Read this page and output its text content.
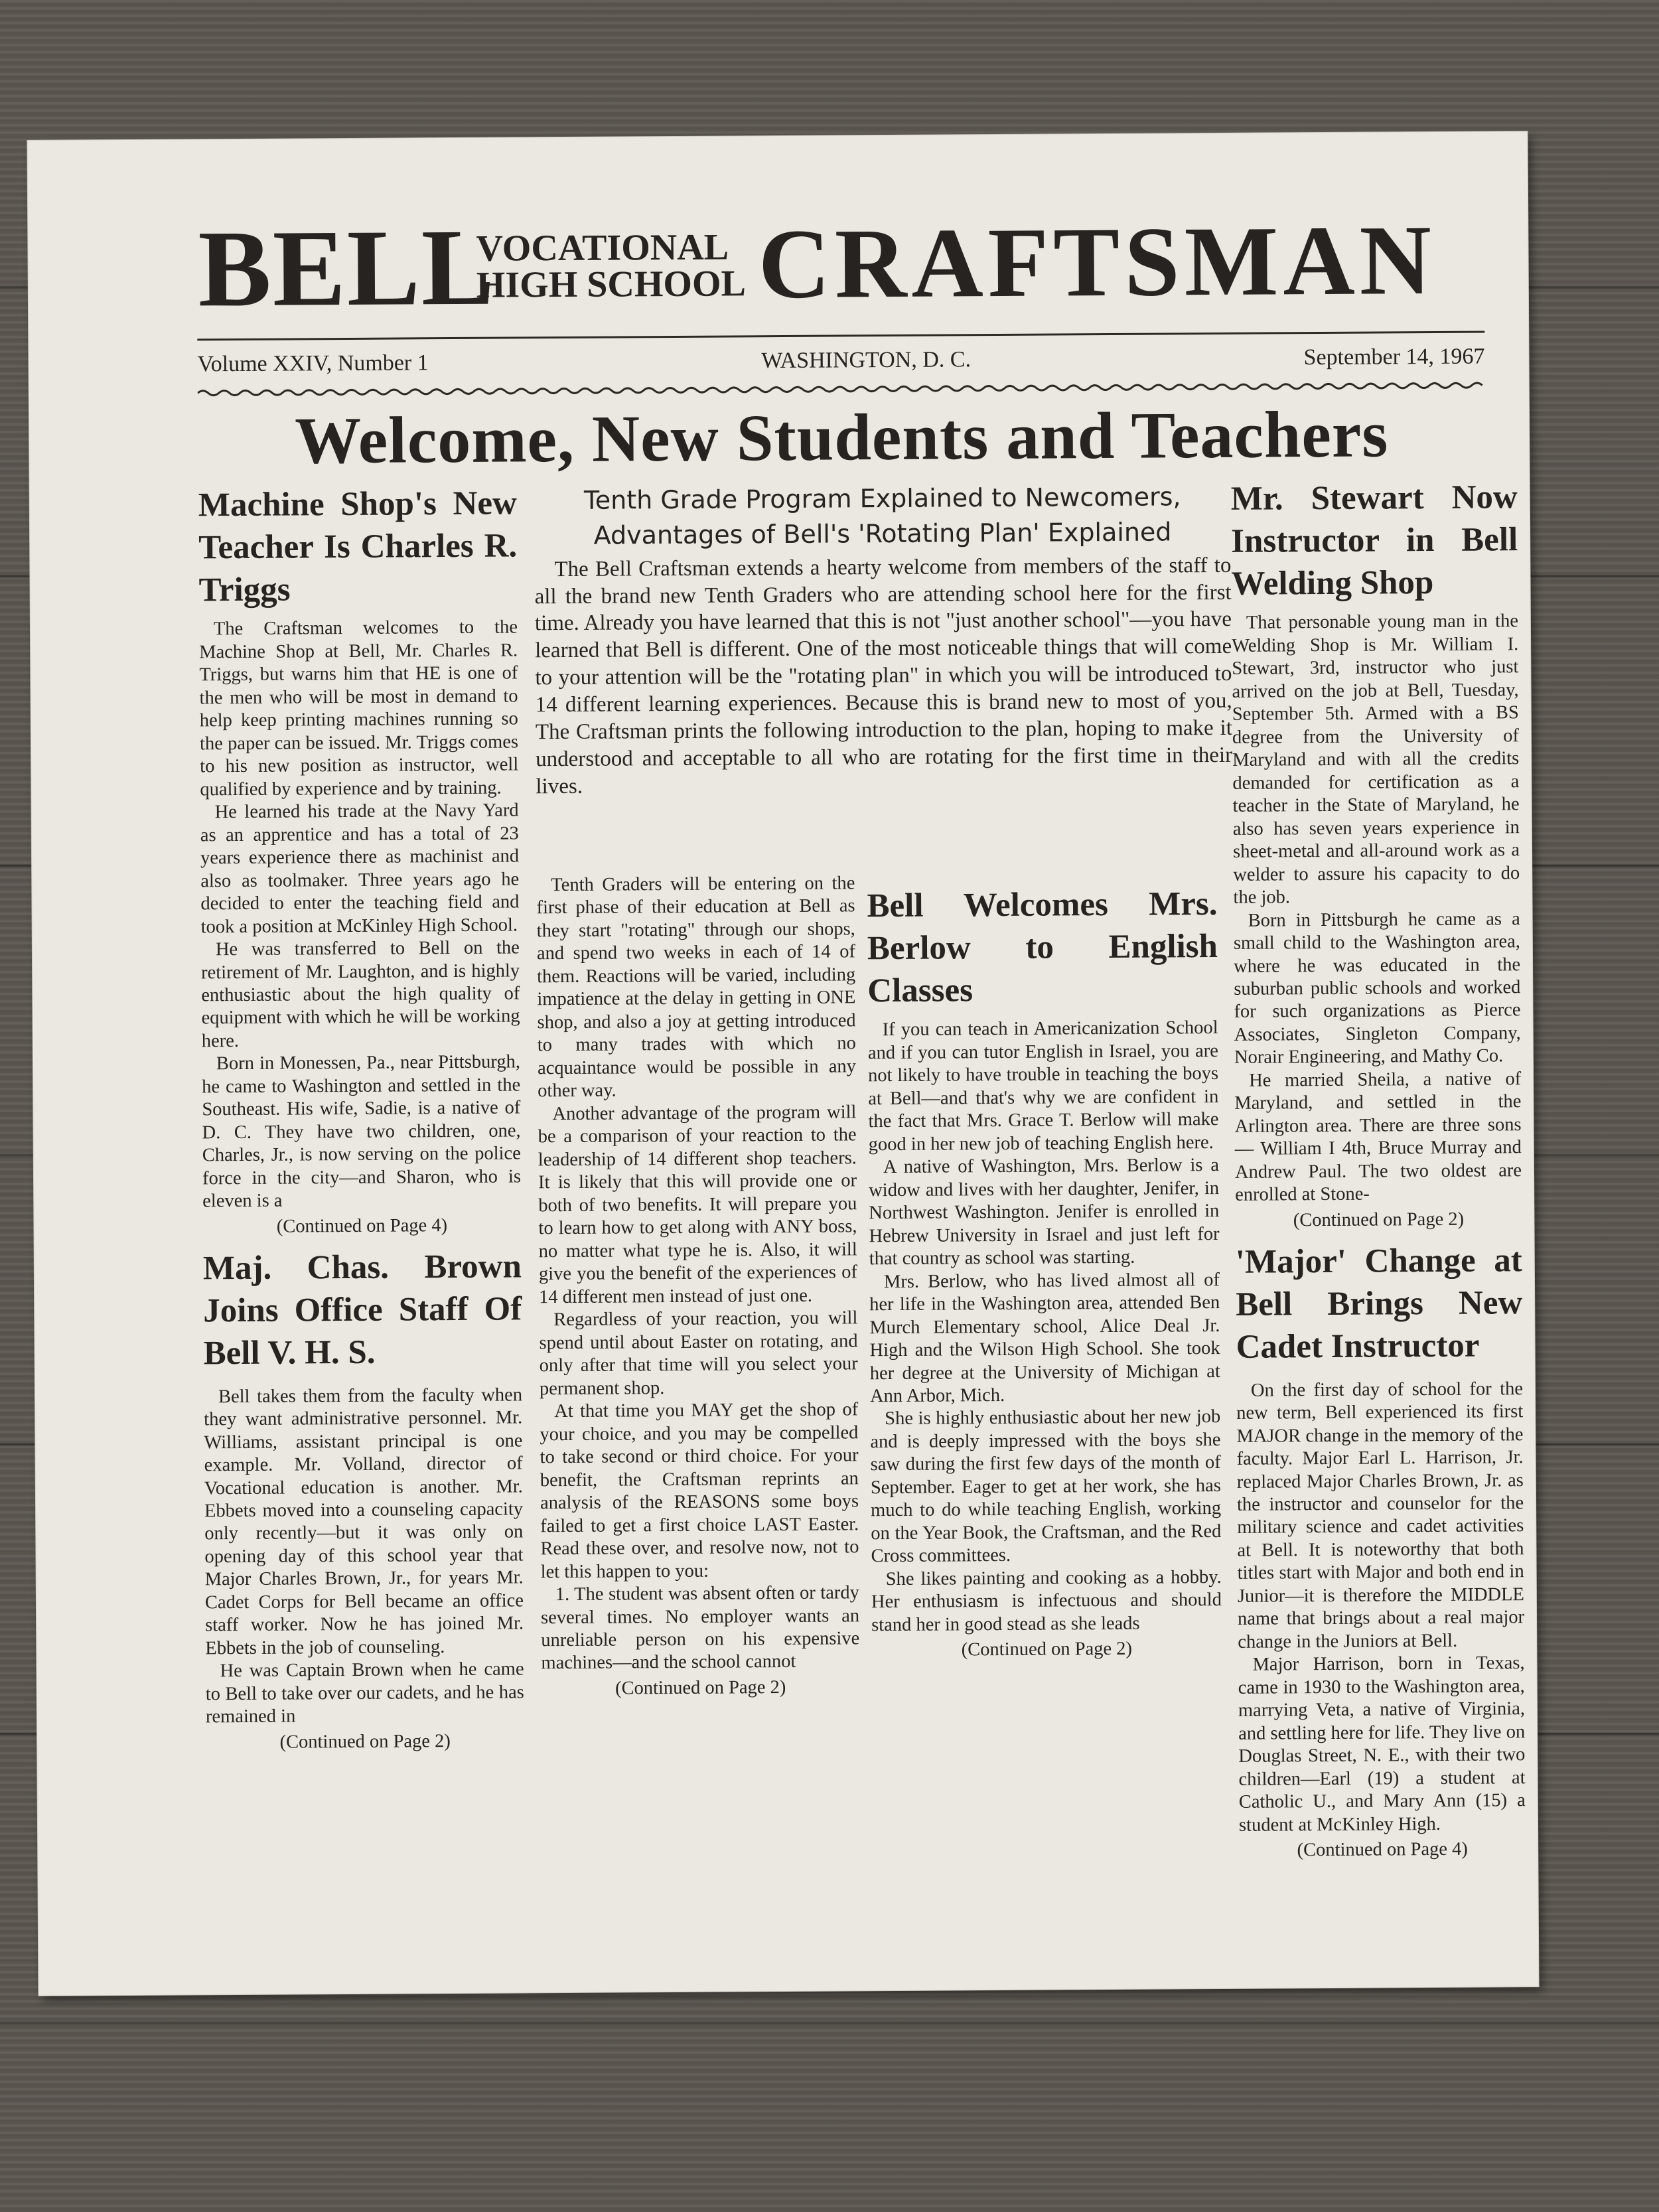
BELL
VOCATIONAL
HIGH SCHOOL CRAFTSMAN
Volume XXIV, Number 1	WASHINGTON, D. C.	September 14, 1967
Welcome, New Students and Teachers
Machine Shop's New Teacher Is Charles R. Triggs

The Craftsman welcomes to the Machine Shop at Bell, Mr. Charles R. Triggs, but warns him that HE is one of the men who will be most in demand to help keep printing machines running so the paper can be issued. Mr. Triggs comes to his new position as instructor, well qualified by experience and by training.

He learned his trade at the Navy Yard as an apprentice and has a total of 23 years experience there as machinist and also as toolmaker. Three years ago he decided to enter the teaching field and took a position at McKinley High School.

He was transferred to Bell on the retirement of Mr. Laughton, and is highly enthusiastic about the high quality of equipment with which he will be working here.

Born in Monessen, Pa., near Pittsburgh, he came to Washington and settled in the Southeast. His wife, Sadie, is a native of D. C. They have two children, one, Charles, Jr., is now serving on the police force in the city—and Sharon, who is eleven is a

(Continued on Page 4)

Maj. Chas. Brown Joins Office Staff Of Bell V. H. S.

Bell takes them from the faculty when they want administrative personnel. Mr. Williams, assistant principal is one example. Mr. Volland, director of Vocational education is another. Mr. Ebbets moved into a counseling capacity only recently—but it was only on opening day of this school year that Major Charles Brown, Jr., for years Mr. Cadet Corps for Bell became an office staff worker. Now he has joined Mr. Ebbets in the job of counseling.

He was Captain Brown when he came to Bell to take over our cadets, and he has remained in

(Continued on Page 2)

Tenth Grade Program Explained to Newcomers,
Advantages of Bell's 'Rotating Plan' Explained

The Bell Craftsman extends a hearty welcome from members of the staff to all the brand new Tenth Graders who are attending school here for the first time. Already you have learned that this is not "just another school"—you have learned that Bell is different. One of the most noticeable things that will come to your attention will be the "rotating plan" in which you will be introduced to 14 different learning experiences. Because this is brand new to most of you, The Craftsman prints the following introduction to the plan, hoping to make it understood and acceptable to all who are rotating for the first time in their lives.

Tenth Graders will be entering on the first phase of their education at Bell as they start "rotating" through our shops, and spend two weeks in each of 14 of them. Reactions will be varied, including impatience at the delay in getting in ONE shop, and also a joy at getting introduced to many trades with which no acquaintance would be possible in any other way.

Another advantage of the program will be a comparison of your reaction to the leadership of 14 different shop teachers. It is likely that this will provide one or both of two benefits. It will prepare you to learn how to get along with ANY boss, no matter what type he is. Also, it will give you the benefit of the experiences of 14 different men instead of just one.

Regardless of your reaction, you will spend until about Easter on rotating, and only after that time will you select your permanent shop.

At that time you MAY get the shop of your choice, and you may be compelled to take second or third choice. For your benefit, the Craftsman reprints an analysis of the REASONS some boys failed to get a first choice LAST Easter. Read these over, and resolve now, not to let this happen to you:

1. The student was absent often or tardy several times. No employer wants an unreliable person on his expensive machines—and the school cannot

(Continued on Page 2)

Bell Welcomes Mrs. Berlow to English Classes

If you can teach in Americanization School and if you can tutor English in Israel, you are not likely to have trouble in teaching the boys at Bell—and that's why we are confident in the fact that Mrs. Grace T. Berlow will make good in her new job of teaching English here.

A native of Washington, Mrs. Berlow is a widow and lives with her daughter, Jenifer, in Northwest Washington. Jenifer is enrolled in Hebrew University in Israel and just left for that country as school was starting.

Mrs. Berlow, who has lived almost all of her life in the Washington area, attended Ben Murch Elementary school, Alice Deal Jr. High and the Wilson High School. She took her degree at the University of Michigan at Ann Arbor, Mich.

She is highly enthusiastic about her new job and is deeply impressed with the boys she saw during the first few days of the month of September. Eager to get at her work, she has much to do while teaching English, working on the Year Book, the Craftsman, and the Red Cross committees.

She likes painting and cooking as a hobby. Her enthusiasm is infectuous and should stand her in good stead as she leads

(Continued on Page 2)

Mr. Stewart Now Instructor in Bell Welding Shop

That personable young man in the Welding Shop is Mr. William I. Stewart, 3rd, instructor who just arrived on the job at Bell, Tuesday, September 5th. Armed with a BS degree from the University of Maryland and with all the credits demanded for certification as a teacher in the State of Maryland, he also has seven years experience in sheet-metal and all-around work as a welder to assure his capacity to do the job.

Born in Pittsburgh he came as a small child to the Washington area, where he was educated in the suburban public schools and worked for such organizations as Pierce Associates, Singleton Company, Norair Engineering, and Mathy Co.

He married Sheila, a native of Maryland, and settled in the Arlington area. There are three sons — William I 4th, Bruce Murray and Andrew Paul. The two oldest are enrolled at Stone-

(Continued on Page 2)

'Major' Change at Bell Brings New Cadet Instructor

On the first day of school for the new term, Bell experienced its first MAJOR change in the memory of the faculty. Major Earl L. Harrison, Jr. replaced Major Charles Brown, Jr. as the instructor and counselor for the military science and cadet activities at Bell. It is noteworthy that both titles start with Major and both end in Junior—it is therefore the MIDDLE name that brings about a real major change in the Juniors at Bell.

Major Harrison, born in Texas, came in 1930 to the Washington area, marrying Veta, a native of Virginia, and settling here for life. They live on Douglas Street, N. E., with their two children—Earl (19) a student at Catholic U., and Mary Ann (15) a student at McKinley High.

(Continued on Page 4)
